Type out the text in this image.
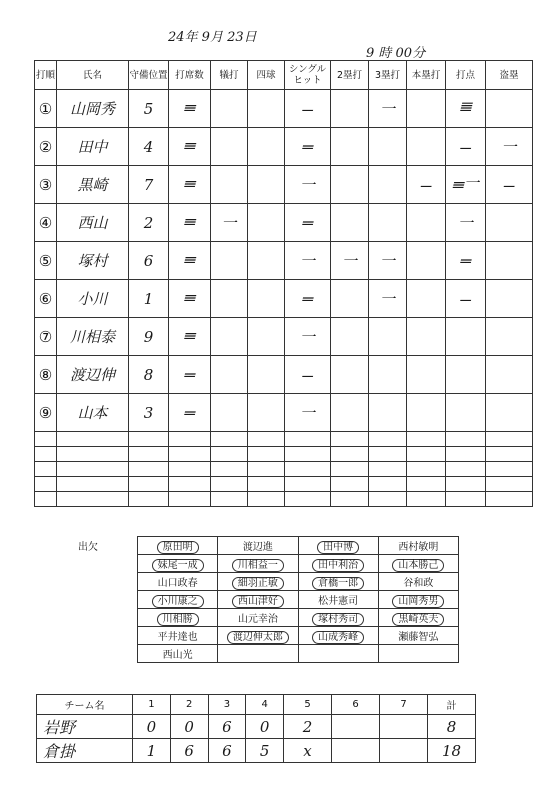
24年 9月 23日
9 時 00分
打順	氏名	守備位置	打席数	犠打	四球	シングル ヒット	2塁打	3塁打	本塁打	打点	盗塁
①	山岡秀	5	𝍢			𝍠		一		𝍣	
②	田中	4	𝍢			𝍡				𝍠	一
③	黒崎	7	𝍢			一			𝍠	𝍢一	𝍠
④	西山	2	𝍢	一		𝍡				一	
⑤	塚村	6	𝍢			一	一	一		𝍡	
⑥	小川	1	𝍢			𝍡		一		𝍠	
⑦	川相泰	9	𝍢			一					
⑧	渡辺伸	8	𝍡			𝍠					
⑨	山本	3	𝍡			一					

出欠	原田明	渡辺進	田中博	西村敏明
妹尾一成	川相益一	田中利治	山本勝己
山口政春	細羽正敏	倉橋一郎	谷和政
小川康之	西山津好	松井憲司	山岡秀男
川相勝	山元幸治	塚村秀司	黒崎英夫
平井達也	渡辺伸太郎	山成秀峰	瀬藤智弘
西山光			
チーム名	1	2	3	4	5	6	7	計
岩野	0	0	6	0	2			8
倉掛	1	6	6	5	x			18
